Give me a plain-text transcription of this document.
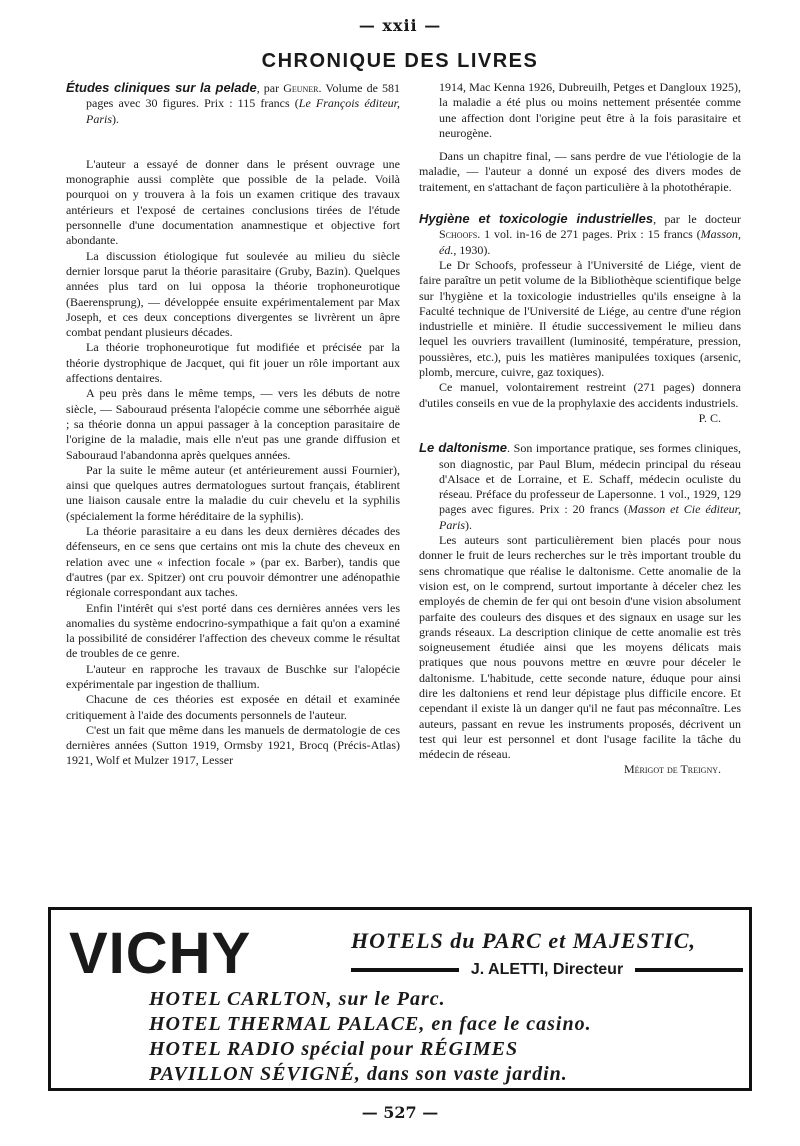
— xxii —
CHRONIQUE DES LIVRES

Études cliniques sur la pelade, par Geuner. Volume de 581 pages avec 30 figures. Prix : 115 francs (Le François éditeur, Paris).

L'auteur a essayé de donner dans le présent ouvrage une monographie aussi complète que possible de la pelade. Voilà pourquoi on y trouvera à la fois un examen critique des travaux antérieurs et l'exposé de certaines conclusions tirées de l'étude personnelle d'une documentation anamnestique et objective fort abondante.

La discussion étiologique fut soulevée au milieu du siècle dernier lorsque parut la théorie parasitaire (Gruby, Bazin). Quelques années plus tard on lui opposa la théorie trophoneurotique (Baerensprung), — développée ensuite expérimentalement par Max Joseph, et ces deux conceptions divergentes se livrèrent un âpre combat pendant plusieurs décades.

La théorie trophoneurotique fut modifiée et précisée par la théorie dystrophique de Jacquet, qui fit jouer un rôle important aux affections dentaires.

A peu près dans le même temps, — vers les débuts de notre siècle, — Sabouraud présenta l'alopécie comme une séborrhée aiguë ; sa théorie donna un appui passager à la conception parasitaire de l'origine de la maladie, mais elle n'eut pas une grande diffusion et Sabouraud l'abandonna après quelques années.

Par la suite le même auteur (et antérieurement aussi Fournier), ainsi que quelques autres dermatologues surtout français, établirent une liaison causale entre la maladie du cuir chevelu et la syphilis (spécialement la forme héréditaire de la syphilis).

La théorie parasitaire a eu dans les deux dernières décades des défenseurs, en ce sens que certains ont mis la chute des cheveux en relation avec une « infection focale » (par ex. Barber), tandis que d'autres (par ex. Spitzer) ont cru pouvoir démontrer une adénopathie régionale correspondant aux taches.

Enfin l'intérêt qui s'est porté dans ces dernières années vers les anomalies du système endocrino-sympathique a fait qu'on a examiné la possibilité de considérer l'affection des cheveux comme le résultat de troubles de ce genre.

L'auteur en rapproche les travaux de Buschke sur l'alopécie expérimentale par ingestion de thallium.

Chacune de ces théories est exposée en détail et examinée critiquement à l'aide des documents personnels de l'auteur.

C'est un fait que même dans les manuels de dermatologie de ces dernières années (Sutton 1919, Ormsby 1921, Brocq (Précis-Atlas) 1921, Wolf et Mulzer 1917, Lesser

1914, Mac Kenna 1926, Dubreuilh, Petges et Dangloux 1925), la maladie a été plus ou moins nettement présentée comme une affection dont l'origine peut être à la fois parasitaire et neurogène.

Dans un chapitre final, — sans perdre de vue l'étiologie de la maladie, — l'auteur a donné un exposé des divers modes de traitement, en s'attachant de façon particulière à la photothérapie.

Hygiène et toxicologie industrielles, par le docteur Schoofs. 1 vol. in-16 de 271 pages. Prix : 15 francs (Masson, éd., 1930).

Le Dr Schoofs, professeur à l'Université de Liége, vient de faire paraître un petit volume de la Bibliothèque scientifique belge sur l'hygiène et la toxicologie industrielles qu'ils enseigne à la Faculté technique de l'Université de Liége, au centre d'une région industrielle et minière. Il étudie successivement le milieu dans lequel les ouvriers travaillent (luminosité, température, pression, poussières, etc.), puis les matières manipulées toxiques (arsenic, plomb, mercure, cuivre, gaz toxiques).

Ce manuel, volontairement restreint (271 pages) donnera d'utiles conseils en vue de la prophylaxie des accidents industriels.

P. C.

Le daltonisme. Son importance pratique, ses formes cliniques, son diagnostic, par Paul Blum, médecin principal du réseau d'Alsace et de Lorraine, et E. Schaff, médecin oculiste du réseau. Préface du professeur de Lapersonne. 1 vol., 1929, 129 pages avec figures. Prix : 20 francs (Masson et Cie éditeur, Paris).

Les auteurs sont particulièrement bien placés pour nous donner le fruit de leurs recherches sur le très important trouble du sens chromatique que réalise le daltonisme. Cette anomalie de la vision est, on le comprend, surtout importante à déceler chez les employés de chemin de fer qui ont besoin d'une vision absolument parfaite des couleurs des disques et des signaux en usage sur les grands réseaux. La description clinique de cette anomalie est très soigneusement étudiée ainsi que les moyens délicats mais pratiques que nous pouvons mettre en œuvre pour déceler le daltonisme. L'habitude, cette seconde nature, éduque pour ainsi dire les daltoniens et rend leur dépistage plus difficile encore. Et cependant il existe là un danger qu'il ne faut pas méconnaître. Les auteurs, passant en revue les instruments proposés, décrivent un test qui leur est personnel et dont l'usage facilite la tâche du médecin de réseau.

Mérigot de Treigny.

VICHY	HOTELS du PARC et MAJESTIC,
J. ALETTI, Directeur
HOTEL CARLTON, sur le Parc.
HOTEL THERMAL PALACE, en face le casino.
HOTEL RADIO spécial pour RÉGIMES
PAVILLON SÉVIGNÉ, dans son vaste jardin.
— 527 —
